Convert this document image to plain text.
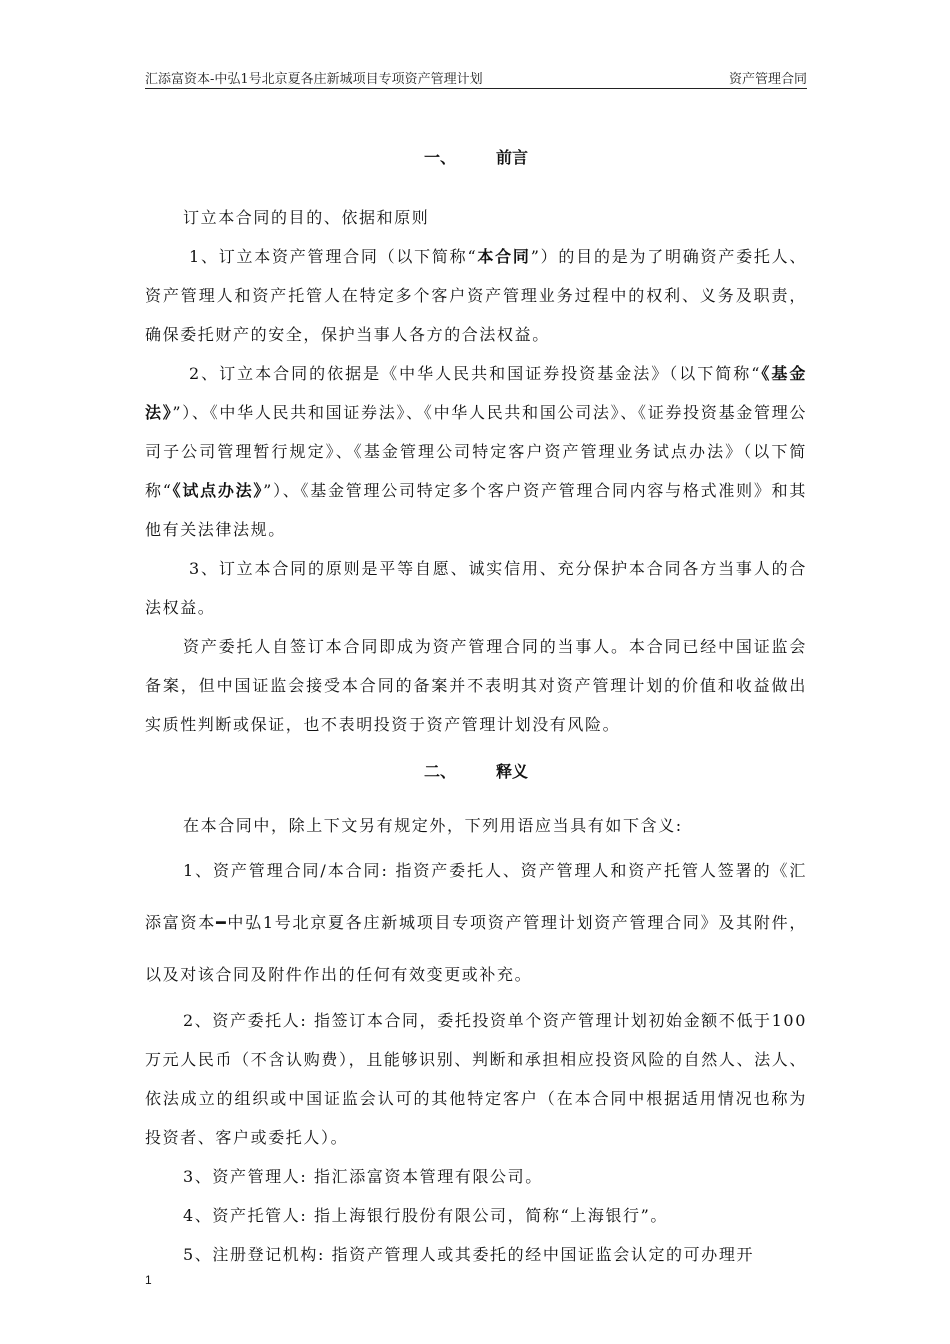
汇添富资本-中弘1号北京夏各庄新城项目专项资产管理计划	资产管理合同
一、	前言

订立本合同的目的、依据和原则

1、订立本资产管理合同（以下简称“本合同”）的目的是为了明确资产委托人、资产管理人和资产托管人在特定多个客户资产管理业务过程中的权利、义务及职责，确保委托财产的安全，保护当事人各方的合法权益。

2、订立本合同的依据是《中华人民共和国证券投资基金法》（以下简称“《基金法》”）、《中华人民共和国证券法》、《中华人民共和国公司法》、《证券投资基金管理公司子公司管理暂行规定》、《基金管理公司特定客户资产管理业务试点办法》（以下简称“《试点办法》”）、《基金管理公司特定多个客户资产管理合同内容与格式准则》和其他有关法律法规。

3、订立本合同的原则是平等自愿、诚实信用、充分保护本合同各方当事人的合法权益。

资产委托人自签订本合同即成为资产管理合同的当事人。本合同已经中国证监会备案，但中国证监会接受本合同的备案并不表明其对资产管理计划的价值和收益做出实质性判断或保证，也不表明投资于资产管理计划没有风险。

二、	释义

在本合同中，除上下文另有规定外，下列用语应当具有如下含义:

1、资产管理合同/本合同: 指资产委托人、资产管理人和资产托管人签署的《汇添富资本━中弘1号北京夏各庄新城项目专项资产管理计划资产管理合同》及其附件，以及对该合同及附件作出的任何有效变更或补充。

2、资产委托人: 指签订本合同，委托投资单个资产管理计划初始金额不低于100万元人民币（不含认购费），且能够识别、判断和承担相应投资风险的自然人、法人、依法成立的组织或中国证监会认可的其他特定客户（在本合同中根据适用情况也称为投资者、客户或委托人）。

3、资产管理人: 指汇添富资本管理有限公司。

4、资产托管人: 指上海银行股份有限公司，简称“上海银行”。

5、注册登记机构: 指资产管理人或其委托的经中国证监会认定的可办理开

1
